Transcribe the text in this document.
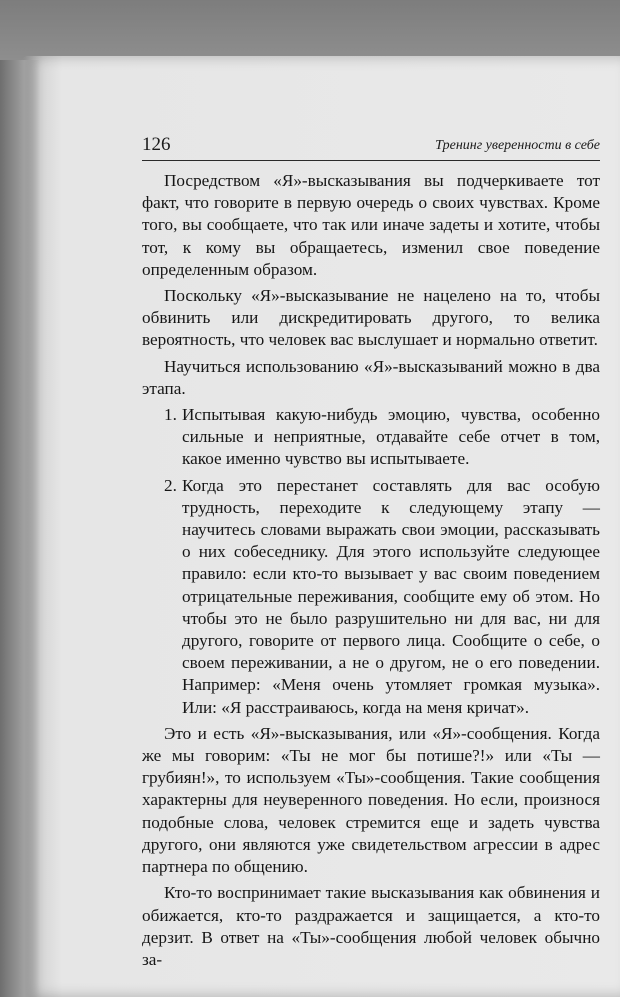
126	Тренинг уверенности в себе

Посредством «Я»-высказывания вы подчеркиваете тот факт, что говорите в первую очередь о своих чувствах. Кроме того, вы сообщаете, что так или иначе задеты и хотите, чтобы тот, к кому вы обращаетесь, изменил свое поведение определенным образом.

Поскольку «Я»-высказывание не нацелено на то, чтобы обвинить или дискредитировать другого, то велика вероятность, что человек вас выслушает и нормально ответит.

Научиться использованию «Я»-высказываний можно в два этапа.

1. Испытывая какую-нибудь эмоцию, чувства, особенно сильные и неприятные, отдавайте себе отчет в том, какое именно чувство вы испытываете.
2. Когда это перестанет составлять для вас особую трудность, переходите к следующему этапу — научитесь словами выражать свои эмоции, рассказывать о них собеседнику. Для этого используйте следующее правило: если кто-то вызывает у вас своим поведением отрицательные переживания, сообщите ему об этом. Но чтобы это не было разрушительно ни для вас, ни для другого, говорите от первого лица. Сообщите о себе, о своем переживании, а не о другом, не о его поведении. Например: «Меня очень утомляет громкая музыка». Или: «Я расстраиваюсь, когда на меня кричат».

Это и есть «Я»-высказывания, или «Я»-сообщения. Когда же мы говорим: «Ты не мог бы потише?!» или «Ты — грубиян!», то используем «Ты»-сообщения. Такие сообщения характерны для неуверенного поведения. Но если, произнося подобные слова, человек стремится еще и задеть чувства другого, они являются уже свидетельством агрессии в адрес партнера по общению.

Кто-то воспринимает такие высказывания как обвинения и обижается, кто-то раздражается и защищается, а кто-то дерзит. В ответ на «Ты»-сообщения любой человек обычно за-
